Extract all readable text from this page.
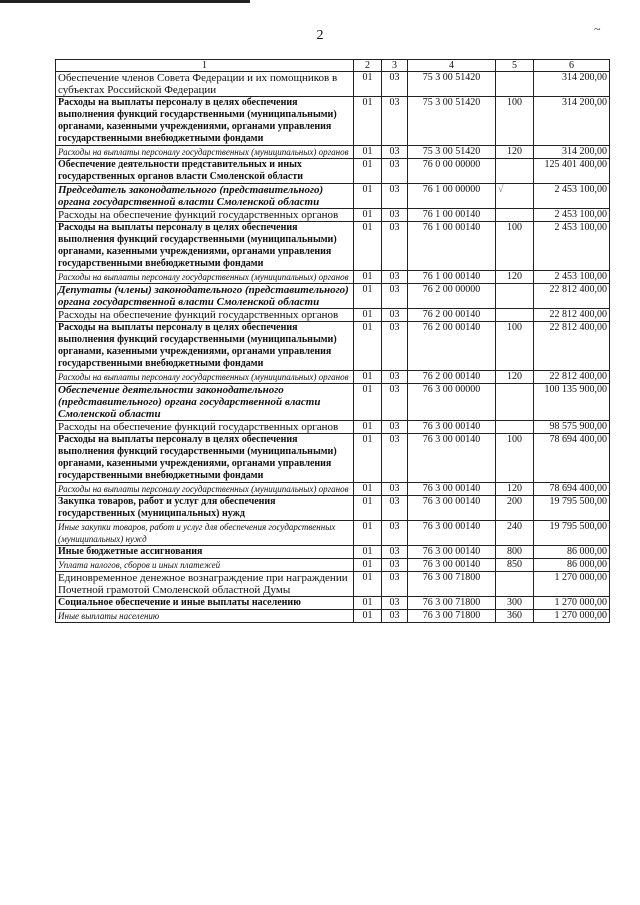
2	~
1	2	3	4	5	6
Обеспечение членов Совета Федерации и их помощников в субъектах Российской Федерации	01	03	75 3 00 51420		314 200,00
Расходы на выплаты персоналу в целях обеспечения выполнения функций государственными (муниципальными) органами, казенными учреждениями, органами управления государственными внебюджетными фондами	01	03	75 3 00 51420	100	314 200,00
Расходы на выплаты персоналу государственных (муниципальных) органов	01	03	75 3 00 51420	120	314 200,00
Обеспечение деятельности представительных и иных государственных органов власти Смоленской области	01	03	76 0 00 00000		125 401 400,00
Председатель законодательного (представительного) органа государственной власти Смоленской области	01	03	76 1 00 00000	√	2 453 100,00
Расходы на обеспечение функций государственных органов	01	03	76 1 00 00140		2 453 100,00
Расходы на выплаты персоналу в целях обеспечения выполнения функций государственными (муниципальными) органами, казенными учреждениями, органами управления государственными внебюджетными фондами	01	03	76 1 00 00140	100	2 453 100,00
Расходы на выплаты персоналу государственных (муниципальных) органов	01	03	76 1 00 00140	120	2 453 100,00
Депутаты (члены) законодательного (представительного) органа государственной власти Смоленской области	01	03	76 2 00 00000		22 812 400,00
Расходы на обеспечение функций государственных органов	01	03	76 2 00 00140		22 812 400,00
Расходы на выплаты персоналу в целях обеспечения выполнения функций государственными (муниципальными) органами, казенными учреждениями, органами управления государственными внебюджетными фондами	01	03	76 2 00 00140	100	22 812 400,00
Расходы на выплаты персоналу государственных (муниципальных) органов	01	03	76 2 00 00140	120	22 812 400,00
Обеспечение деятельности законодательного (представительного) органа государственной власти Смоленской области	01	03	76 3 00 00000		100 135 900,00
Расходы на обеспечение функций государственных органов	01	03	76 3 00 00140		98 575 900,00
Расходы на выплаты персоналу в целях обеспечения выполнения функций государственными (муниципальными) органами, казенными учреждениями, органами управления государственными внебюджетными фондами	01	03	76 3 00 00140	100	78 694 400,00
Расходы на выплаты персоналу государственных (муниципальных) органов	01	03	76 3 00 00140	120	78 694 400,00
Закупка товаров, работ и услуг для обеспечения государственных (муниципальных) нужд	01	03	76 3 00 00140	200	19 795 500,00
Иные закупки товаров, работ и услуг для обеспечения государственных (муниципальных) нужд	01	03	76 3 00 00140	240	19 795 500,00
Иные бюджетные ассигнования	01	03	76 3 00 00140	800	86 000,00
Уплата налогов, сборов и иных платежей	01	03	76 3 00 00140	850	86 000,00
Единовременное денежное вознаграждение при награждении Почетной грамотой Смоленской областной Думы	01	03	76 3 00 71800		1 270 000,00
Социальное обеспечение и иные выплаты населению	01	03	76 3 00 71800	300	1 270 000,00
Иные выплаты населению	01	03	76 3 00 71800	360	1 270 000,00
